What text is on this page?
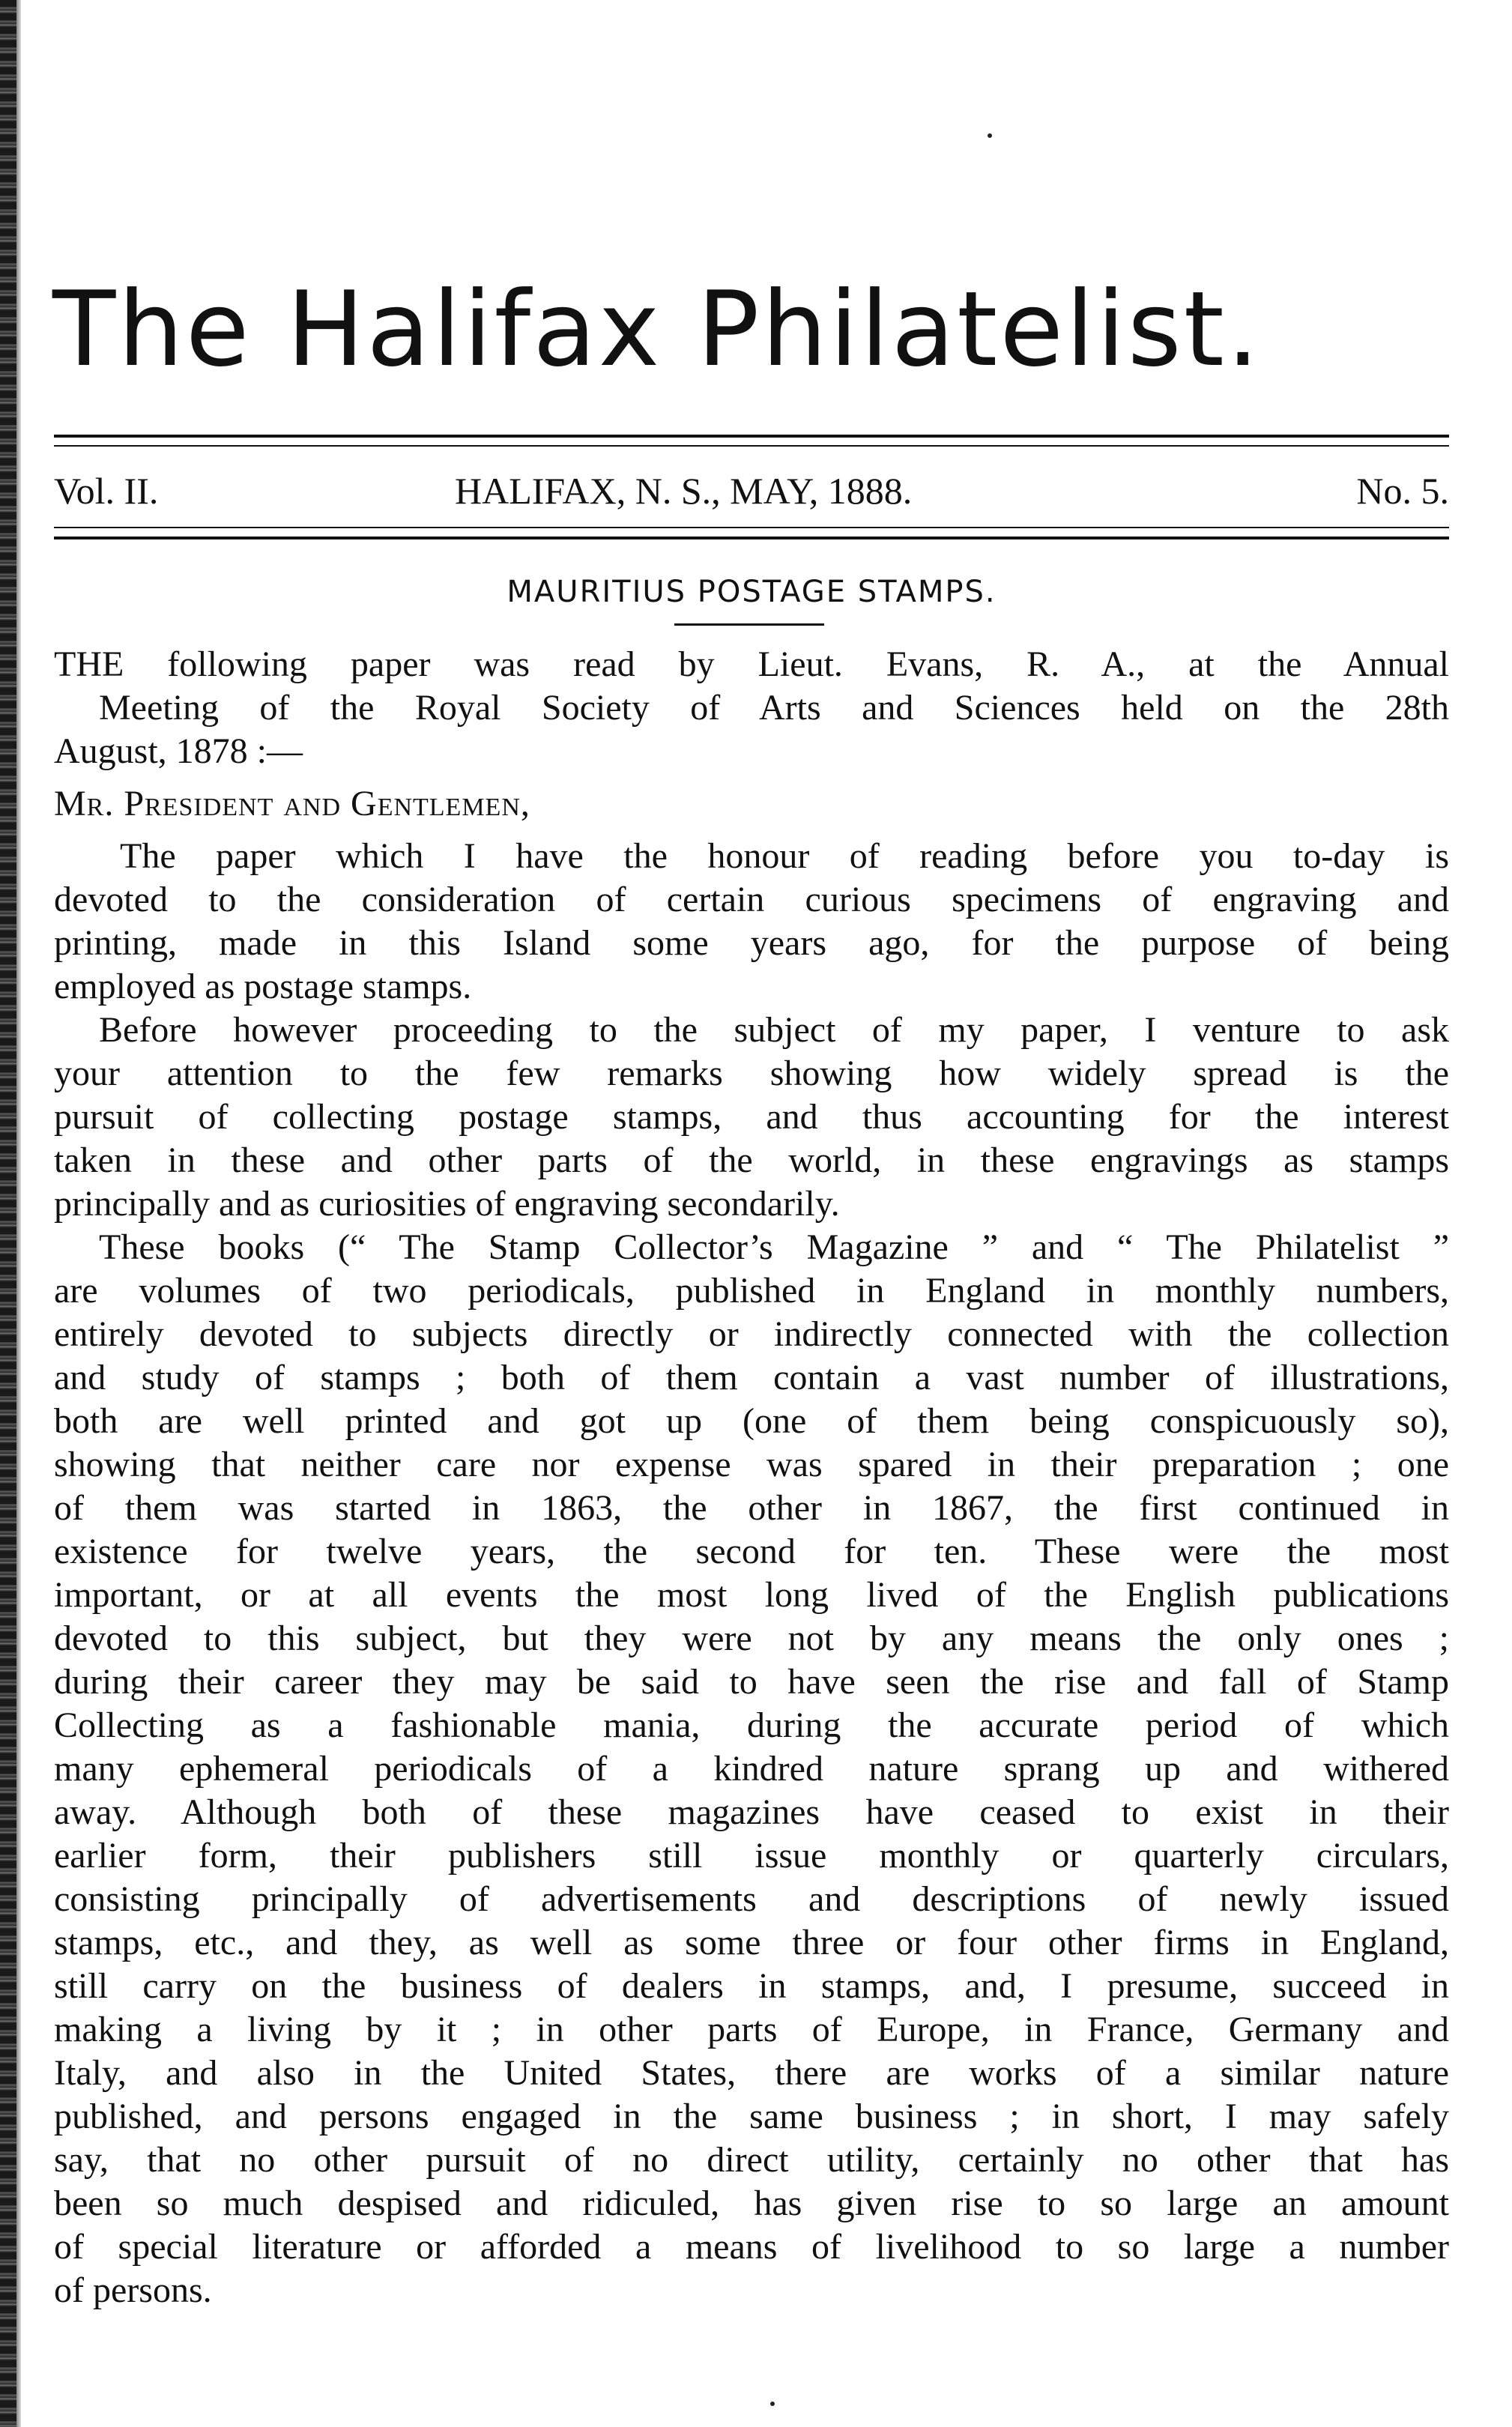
The Halifax Philatelist.
Vol. II.	HALIFAX, N. S., MAY, 1888.	No. 5.
MAURITIUS POSTAGE STAMPS.
THE following paper was read by Lieut. Evans, R. A., at the Annual
Meeting of the Royal Society of Arts and Sciences held on the 28th
August, 1878 :—
Mr. President and Gentlemen,
The paper which I have the honour of reading before you to-day is
devoted to the consideration of certain curious specimens of engraving and
printing, made in this Island some years ago, for the purpose of being
employed as postage stamps.
Before however proceeding to the subject of my paper, I venture to ask
your attention to the few remarks showing how widely spread is the
pursuit of collecting postage stamps, and thus accounting for the interest
taken in these and other parts of the world, in these engravings as stamps
principally and as curiosities of engraving secondarily.
These books (“ The Stamp Collector’s Magazine ” and “ The Philatelist ”
are volumes of two periodicals, published in England in monthly numbers,
entirely devoted to subjects directly or indirectly connected with the collection
and study of stamps ; both of them contain a vast number of illustrations,
both are well printed and got up (one of them being conspicuously so),
showing that neither care nor expense was spared in their preparation ; one
of them was started in 1863, the other in 1867, the first continued in
existence for twelve years, the second for ten. These were the most
important, or at all events the most long lived of the English publications
devoted to this subject, but they were not by any means the only ones ;
during their career they may be said to have seen the rise and fall of Stamp
Collecting as a fashionable mania, during the accurate period of which
many ephemeral periodicals of a kindred nature sprang up and withered
away. Although both of these magazines have ceased to exist in their
earlier form, their publishers still issue monthly or quarterly circulars,
consisting principally of advertisements and descriptions of newly issued
stamps, etc., and they, as well as some three or four other firms in England,
still carry on the business of dealers in stamps, and, I presume, succeed in
making a living by it ; in other parts of Europe, in France, Germany and
Italy, and also in the United States, there are works of a similar nature
published, and persons engaged in the same business ; in short, I may safely
say, that no other pursuit of no direct utility, certainly no other that has
been so much despised and ridiculed, has given rise to so large an amount
of special literature or afforded a means of livelihood to so large a number
of persons.
